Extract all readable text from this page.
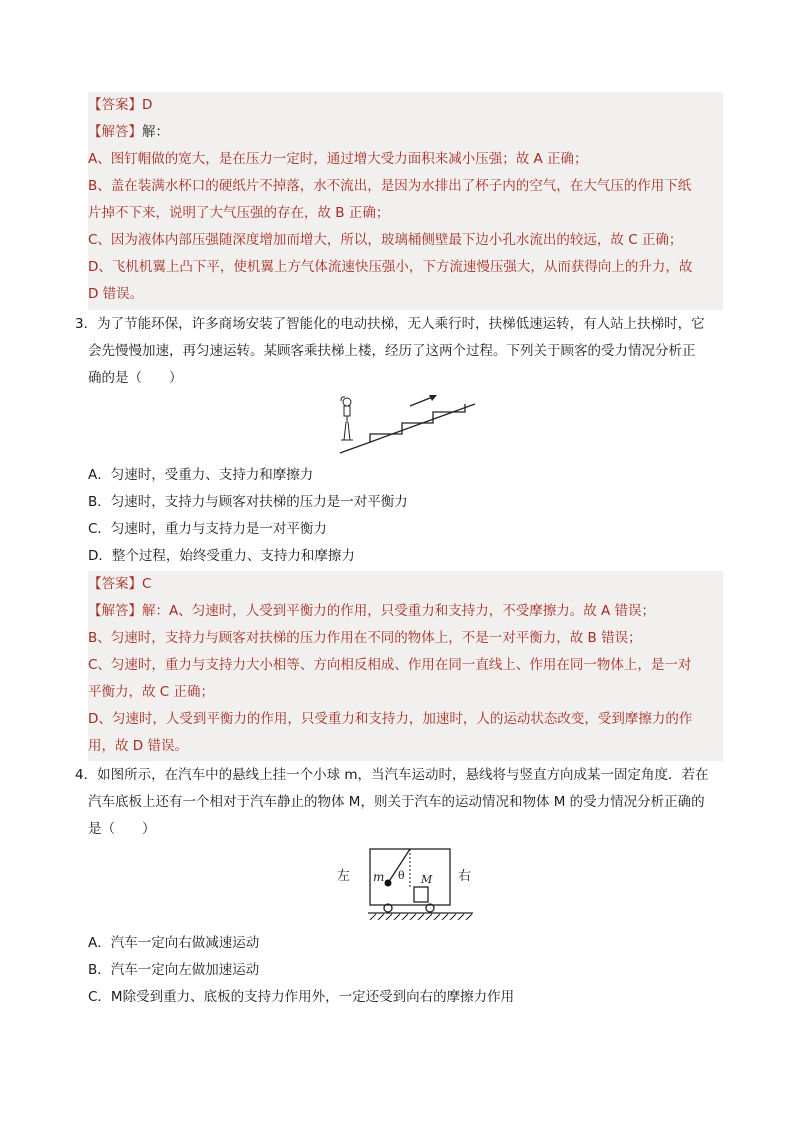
【答案】D
【解答】解：
A、图钉帽做的宽大，是在压力一定时，通过增大受力面积来减小压强；故 A 正确；
B、盖在装满水杯口的硬纸片不掉落，水不流出，是因为水排出了杯子内的空气，在大气压的作用下纸
片掉不下来，说明了大气压强的存在，故 B 正确；
C、因为液体内部压强随深度增加而增大，所以，玻璃桶侧壁最下边小孔水流出的较远，故 C 正确；
D、飞机机翼上凸下平，使机翼上方气体流速快压强小，下方流速慢压强大，从而获得向上的升力，故
D 错误。
3．为了节能环保，许多商场安装了智能化的电动扶梯，无人乘行时，扶梯低速运转，有人站上扶梯时，它
会先慢慢加速，再匀速运转。某顾客乘扶梯上楼，经历了这两个过程。下列关于顾客的受力情况分析正
确的是（　　）
A．匀速时，受重力、支持力和摩擦力
B．匀速时，支持力与顾客对扶梯的压力是一对平衡力
C．匀速时，重力与支持力是一对平衡力
D．整个过程，始终受重力、支持力和摩擦力
【答案】C
【解答】解：A、匀速时，人受到平衡力的作用，只受重力和支持力，不受摩擦力。故 A 错误；
B、匀速时，支持力与顾客对扶梯的压力作用在不同的物体上，不是一对平衡力，故 B 错误；
C、匀速时，重力与支持力大小相等、方向相反相成、作用在同一直线上、作用在同一物体上，是一对
平衡力，故 C 正确；
D、匀速时，人受到平衡力的作用，只受重力和支持力，加速时，人的运动状态改变，受到摩擦力的作
用，故 D 错误。
4．如图所示，在汽车中的悬线上挂一个小球 m，当汽车运动时，悬线将与竖直方向成某一固定角度．若在
汽车底板上还有一个相对于汽车静止的物体 M，则关于汽车的运动情况和物体 M 的受力情况分析正确的
是（　　）
左	右
m θ M
A．汽车一定向右做减速运动
B．汽车一定向左做加速运动
C．M除受到重力、底板的支持力作用外，一定还受到向右的摩擦力作用
